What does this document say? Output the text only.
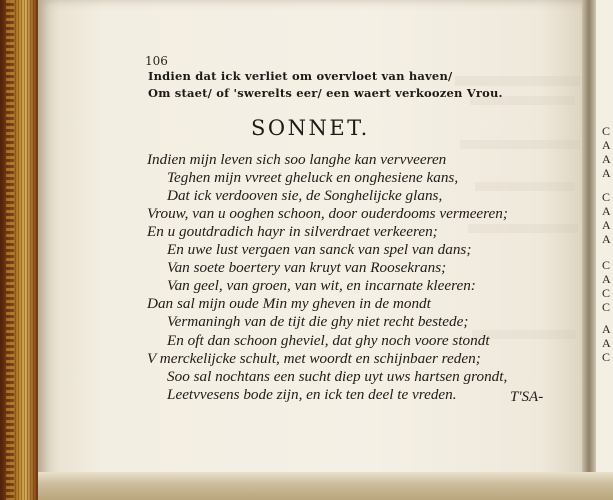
106
Indien dat ick verliet om overvloet van haven/
Om staet/ of 'swerelts eer/ een waert verkoozen Vrou.
SONNET.
Indien mijn leven sich soo langhe kan vervveeren
Teghen mijn vvreet gheluck en onghesiene kans,
Dat ick verdooven sie, de Songhelijcke glans,
Vrouw, van u ooghen schoon, door ouderdooms vermeeren;
En u goutdradich hayr in silverdraet verkeeren;
En uwe lust vergaen van sanck van spel van dans;
Van soete boertery van kruyt van Roosekrans;
Van geel, van groen, van wit, en incarnate kleeren:
Dan sal mijn oude Min my gheven in de mondt
Vermaningh van de tijt die ghy niet recht bestede;
En oft dan schoon gheviel, dat ghy noch voore stondt
V merckelijcke schult, met woordt en schijnbaer reden;
Soo sal nochtans een sucht diep uyt uws hartsen grondt,
Leetvvesens bode zijn, en ick ten deel te vreden.	T'SA-
C
A
A
A
C
A
A
A
C
A
C
C
A
A
C
